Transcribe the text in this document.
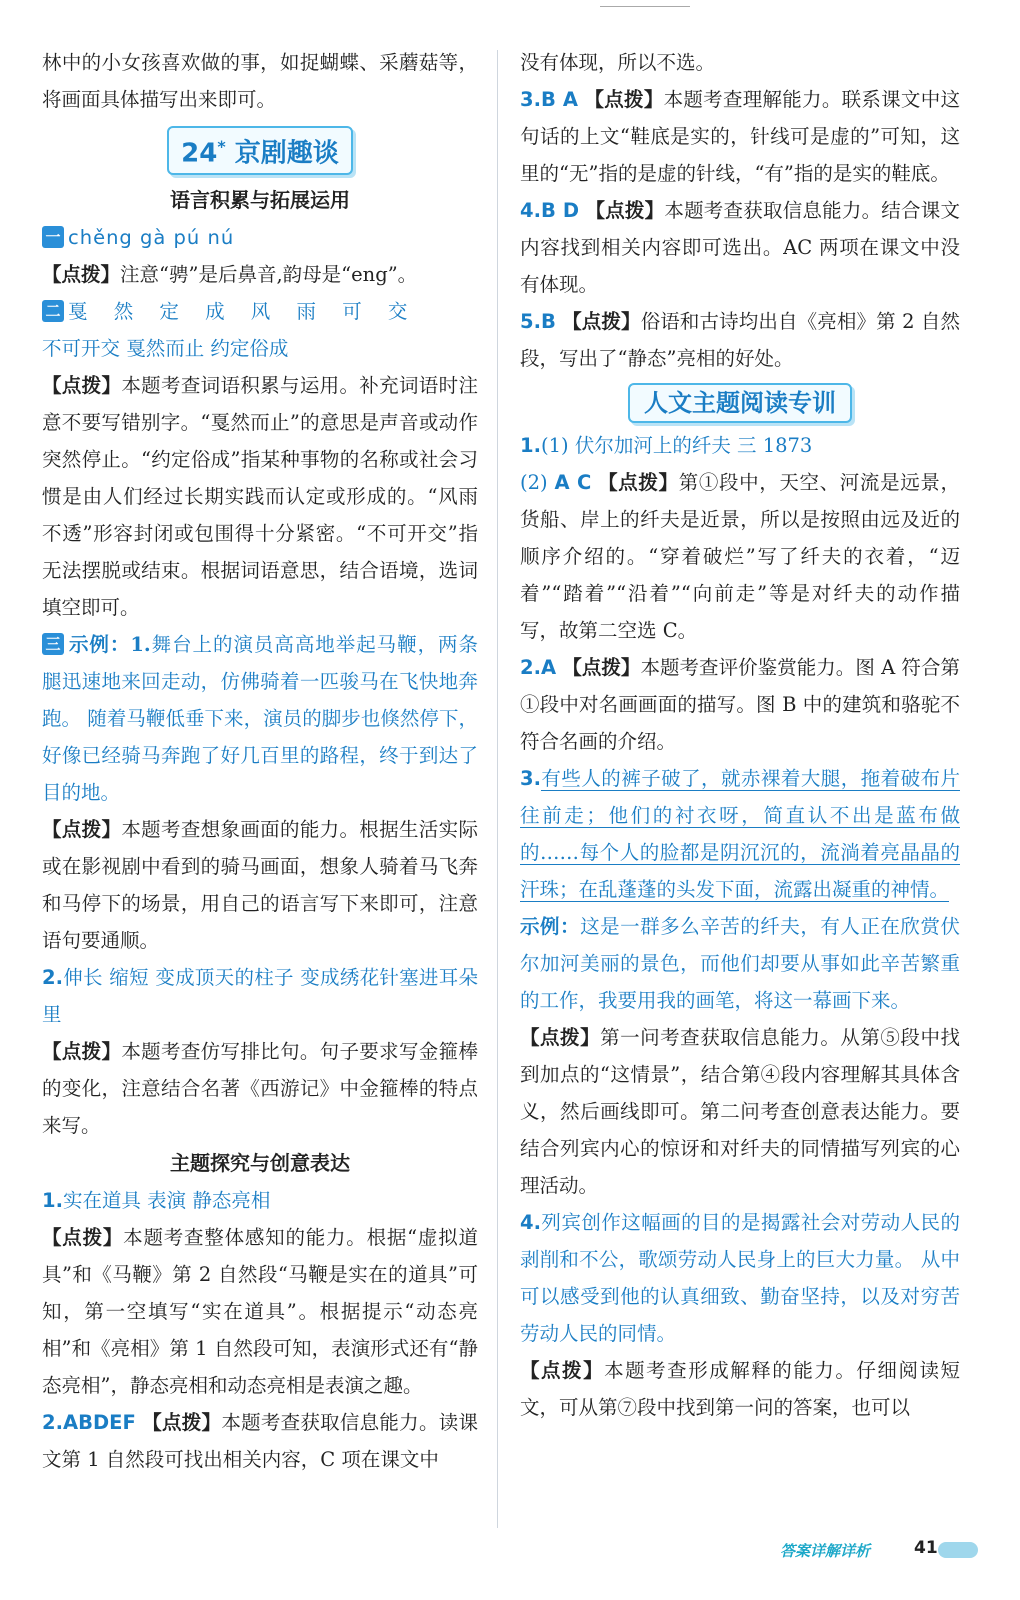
林中的小女孩喜欢做的事，如捉蝴蝶、采蘑菇等，将画面具体描写出来即可。

24* 京剧趣谈
语言积累与拓展运用

一 chěng gà pú nú

【点拨】注意“骋”是后鼻音,韵母是“eng”。

二 戛 然 定 成 风 雨 可 交

不可开交 戛然而止 约定俗成

【点拨】本题考查词语积累与运用。补充词语时注意不要写错别字。“戛然而止”的意思是声音或动作突然停止。“约定俗成”指某种事物的名称或社会习惯是由人们经过长期实践而认定或形成的。“风雨不透”形容封闭或包围得十分紧密。“不可开交”指无法摆脱或结束。根据词语意思，结合语境，选词填空即可。

三 示例：1.舞台上的演员高高地举起马鞭，两条腿迅速地来回走动，仿佛骑着一匹骏马在飞快地奔跑。 随着马鞭低垂下来，演员的脚步也倏然停下，好像已经骑马奔跑了好几百里的路程，终于到达了目的地。

【点拨】本题考查想象画面的能力。根据生活实际或在影视剧中看到的骑马画面，想象人骑着马飞奔和马停下的场景，用自己的语言写下来即可，注意语句要通顺。

2.伸长 缩短 变成顶天的柱子 变成绣花针塞进耳朵里

【点拨】本题考查仿写排比句。句子要求写金箍棒的变化，注意结合名著《西游记》中金箍棒的特点来写。

主题探究与创意表达

1.实在道具 表演 静态亮相

【点拨】本题考查整体感知的能力。根据“虚拟道具”和《马鞭》第 2 自然段“马鞭是实在的道具”可知，第一空填写“实在道具”。根据提示“动态亮相”和《亮相》第 1 自然段可知，表演形式还有“静态亮相”，静态亮相和动态亮相是表演之趣。

2.ABDEF 【点拨】本题考查获取信息能力。读课文第 1 自然段可找出相关内容，C 项在课文中

没有体现，所以不选。

3.B A 【点拨】本题考查理解能力。联系课文中这句话的上文“鞋底是实的，针线可是虚的”可知，这里的“无”指的是虚的针线，“有”指的是实的鞋底。

4.B D 【点拨】本题考查获取信息能力。结合课文内容找到相关内容即可选出。AC 两项在课文中没有体现。

5.B 【点拨】俗语和古诗均出自《亮相》第 2 自然段，写出了“静态”亮相的好处。

人文主题阅读专训

1.(1) 伏尔加河上的纤夫 三 1873

(2) A C 【点拨】第①段中，天空、河流是远景，货船、岸上的纤夫是近景，所以是按照由远及近的顺序介绍的。“穿着破烂”写了纤夫的衣着，“迈着”“踏着”“沿着”“向前走”等是对纤夫的动作描写，故第二空选 C。

2.A 【点拨】本题考查评价鉴赏能力。图 A 符合第①段中对名画画面的描写。图 B 中的建筑和骆驼不符合名画的介绍。

3.有些人的裤子破了，就赤裸着大腿，拖着破布片往前走；他们的衬衣呀，简直认不出是蓝布做的……每个人的脸都是阴沉沉的，流淌着亮晶晶的汗珠；在乱蓬蓬的头发下面，流露出凝重的神情。

示例：这是一群多么辛苦的纤夫，有人正在欣赏伏尔加河美丽的景色，而他们却要从事如此辛苦繁重的工作，我要用我的画笔，将这一幕画下来。

【点拨】第一问考查获取信息能力。从第⑤段中找到加点的“这情景”，结合第④段内容理解其具体含义，然后画线即可。第二问考查创意表达能力。要结合列宾内心的惊讶和对纤夫的同情描写列宾的心理活动。

4.列宾创作这幅画的目的是揭露社会对劳动人民的剥削和不公，歌颂劳动人民身上的巨大力量。 从中可以感受到他的认真细致、勤奋坚持，以及对穷苦劳动人民的同情。

【点拨】本题考查形成解释的能力。仔细阅读短文，可从第⑦段中找到第一问的答案，也可以

答案详解详析	41
